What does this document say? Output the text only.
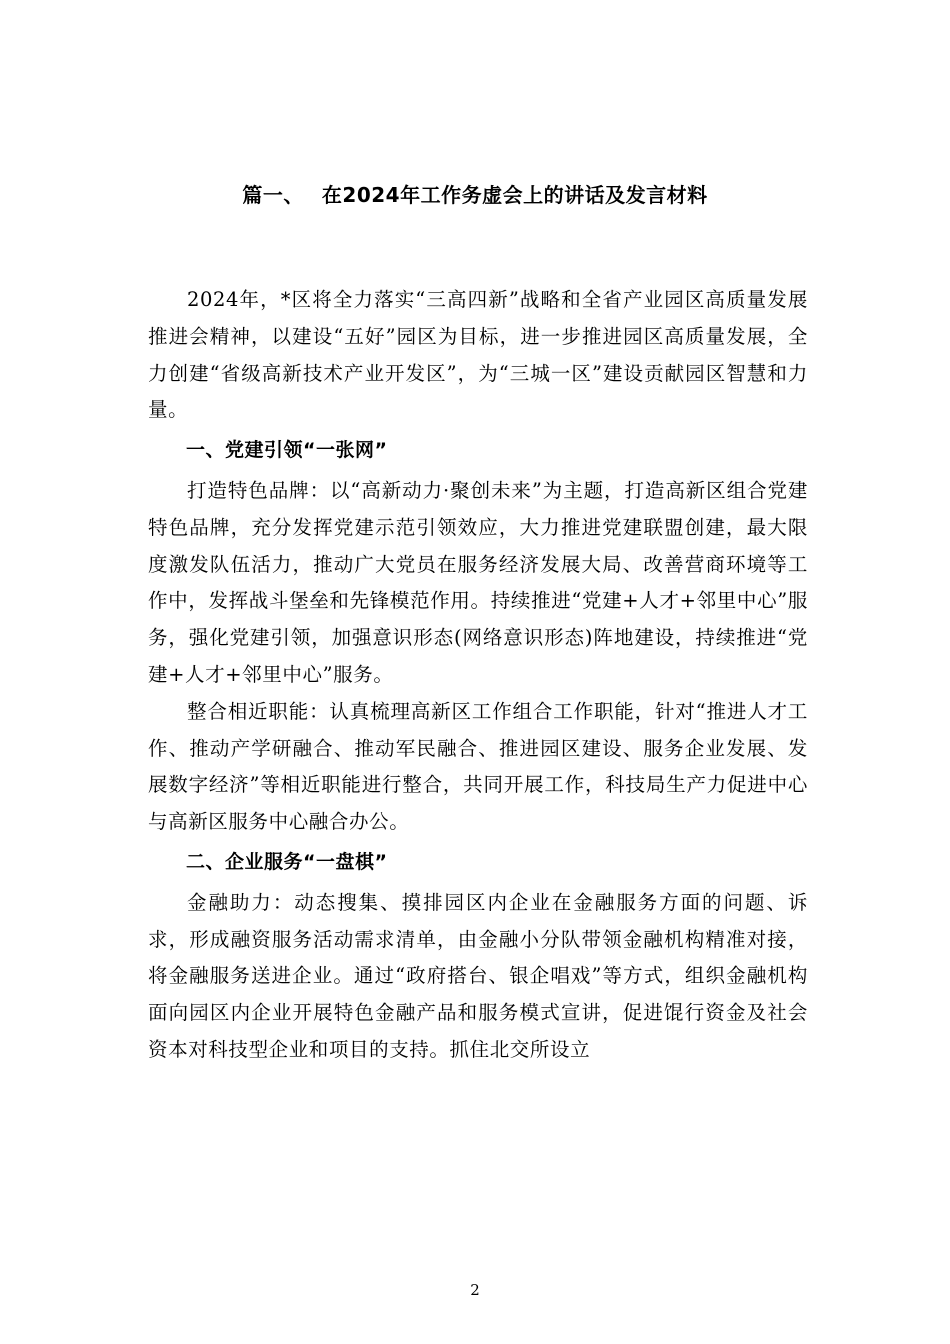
篇一、 在2024年工作务虚会上的讲话及发言材料

2024年，*区将全力落实“三高四新”战略和全省产业园区高质量发展推进会精神，以建设“五好”园区为目标，进一步推进园区高质量发展，全力创建“省级高新技术产业开发区”，为“三城一区”建设贡献园区智慧和力量。

一、党建引领“一张网”

打造特色品牌：以“高新动力·聚创未来”为主题，打造高新区组合党建特色品牌，充分发挥党建示范引领效应，大力推进党建联盟创建，最大限度激发队伍活力，推动广大党员在服务经济发展大局、改善营商环境等工作中，发挥战斗堡垒和先锋模范作用。持续推进“党建+人才+邻里中心”服务，强化党建引领，加强意识形态(网络意识形态)阵地建设，持续推进“党建+人才+邻里中心”服务。

整合相近职能：认真梳理高新区工作组合工作职能，针对“推进人才工作、推动产学研融合、推动军民融合、推进园区建设、服务企业发展、发展数字经济”等相近职能进行整合，共同开展工作，科技局生产力促进中心与高新区服务中心融合办公。

二、企业服务“一盘棋”

金融助力：动态搜集、摸排园区内企业在金融服务方面的问题、诉求，形成融资服务活动需求清单，由金融小分队带领金融机构精准对接，将金融服务送进企业。通过“政府搭台、银企唱戏”等方式，组织金融机构面向园区内企业开展特色金融产品和服务模式宣讲，促进馄行资金及社会资本对科技型企业和项目的支持。抓住北交所设立

2
